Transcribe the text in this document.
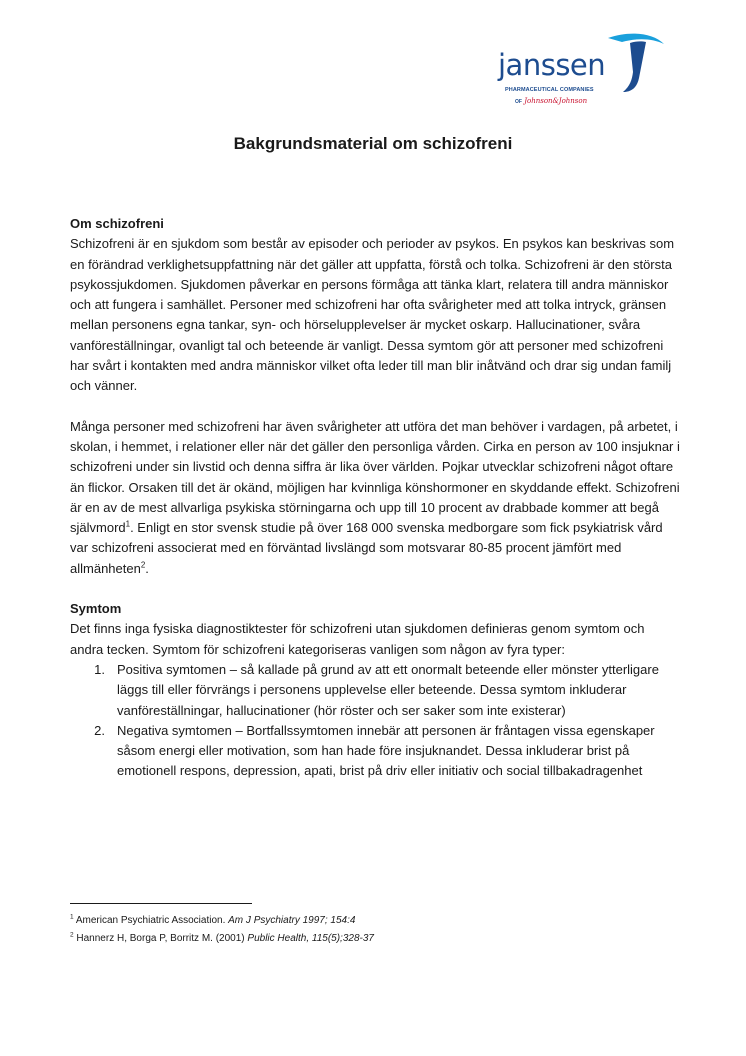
janssen
PHARMACEUTICAL COMPANIES
OF Johnson&Johnson
Bakgrundsmaterial om schizofreni

Om schizofreni

Schizofreni är en sjukdom som består av episoder och perioder av psykos. En psykos kan beskrivas som en förändrad verklighetsuppfattning när det gäller att uppfatta, förstå och tolka. Schizofreni är den största psykossjukdomen. Sjukdomen påverkar en persons förmåga att tänka klart, relatera till andra människor och att fungera i samhället. Personer med schizofreni har ofta svårigheter med att tolka intryck, gränsen mellan personens egna tankar, syn- och hörselupplevelser är mycket oskarp. Hallucinationer, svåra vanföreställningar, ovanligt tal och beteende är vanligt. Dessa symtom gör att personer med schizofreni har svårt i kontakten med andra människor vilket ofta leder till man blir inåtvänd och drar sig undan familj och vänner.

Många personer med schizofreni har även svårigheter att utföra det man behöver i vardagen, på arbetet, i skolan, i hemmet, i relationer eller när det gäller den personliga vården. Cirka en person av 100 insjuknar i schizofreni under sin livstid och denna siffra är lika över världen. Pojkar utvecklar schizofreni något oftare än flickor. Orsaken till det är okänd, möjligen har kvinnliga könshormoner en skyddande effekt. Schizofreni är en av de mest allvarliga psykiska störningarna och upp till 10 procent av drabbade kommer att begå självmord$^1$. Enligt en stor svensk studie på över 168 000 svenska medborgare som fick psykiatrisk vård var schizofreni associerat med en förväntad livslängd som motsvarar 80-85 procent jämfört med allmänheten$^2$.

Symtom

Det finns inga fysiska diagnostiktester för schizofreni utan sjukdomen definieras genom symtom och andra tecken. Symtom för schizofreni kategoriseras vanligen som någon av fyra typer:

1. Positiva symtomen – så kallade på grund av att ett onormalt beteende eller mönster ytterligare läggs till eller förvrängs i personens upplevelse eller beteende. Dessa symtom inkluderar vanföreställningar, hallucinationer (hör röster och ser saker som inte existerar)
2. Negativa symtomen – Bortfallssymtomen innebär att personen är fråntagen vissa egenskaper såsom energi eller motivation, som han hade före insjuknandet. Dessa inkluderar brist på emotionell respons, depression, apati, brist på driv eller initiativ och social tillbakadragenhet

$^1$ American Psychiatric Association. Am J Psychiatry 1997; 154:4

$^2$ Hannerz H, Borga P, Borritz M. (2001) Public Health, 115(5);328-37
